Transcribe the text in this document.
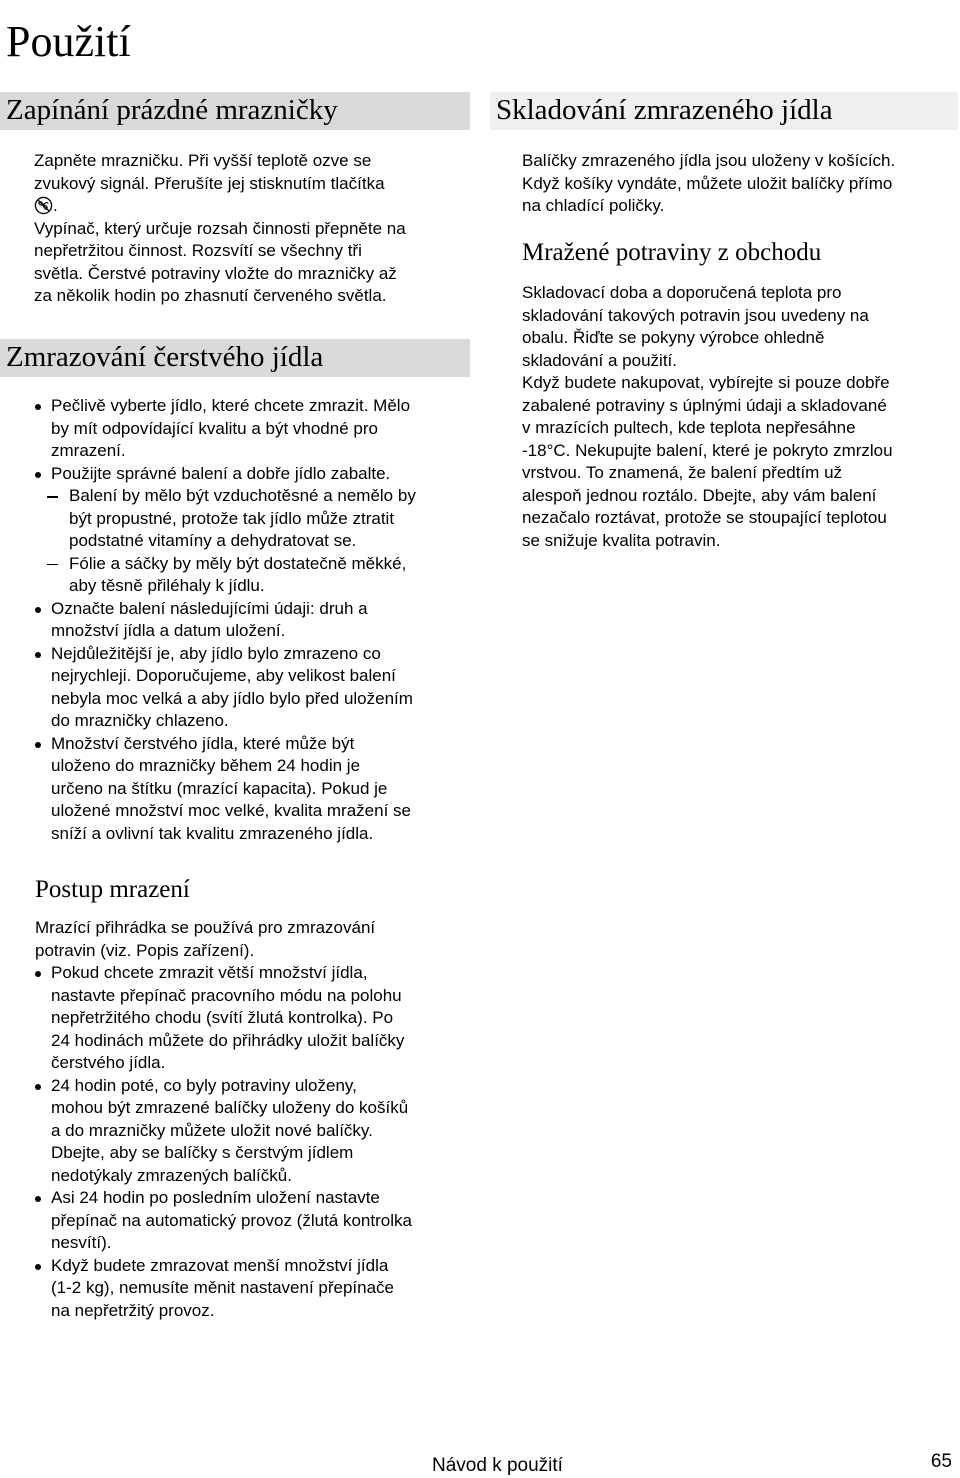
Použití
Zapínání prázdné mrazničky
Zapněte mrazničku. Při vyšší teplotě ozve se
zvukový signál. Přerušíte jej stisknutím tlačítka
.
Vypínač, který určuje rozsah činnosti přepněte na
nepřetržitou činnost. Rozsvítí se všechny tři
světla. Čerstvé potraviny vložte do mrazničky až
za několik hodin po zhasnutí červeného světla.
Zmrazování čerstvého jídla
Pečlivě vyberte jídlo, které chcete zmrazit. Mělo
by mít odpovídající kvalitu a být vhodné pro
zmrazení.
Použijte správné balení a dobře jídlo zabalte.
Balení by mělo být vzduchotěsné a nemělo by
být propustné, protože tak jídlo může ztratit
podstatné vitamíny a dehydratovat se.
Fólie a sáčky by měly být dostatečně měkké,
aby těsně přiléhaly k jídlu.
Označte balení následujícími údaji: druh a
množství jídla a datum uložení.
Nejdůležitější je, aby jídlo bylo zmrazeno co
nejrychleji. Doporučujeme, aby velikost balení
nebyla moc velká a aby jídlo bylo před uložením
do mrazničky chlazeno.
Množství čerstvého jídla, které může být
uloženo do mrazničky během 24 hodin je
určeno na štítku (mrazící kapacita). Pokud je
uložené množství moc velké, kvalita mražení se
sníží a ovlivní tak kvalitu zmrazeného jídla.
Postup mrazení
Mrazící přihrádka se používá pro zmrazování
potravin (viz. Popis zařízení).
Pokud chcete zmrazit větší množství jídla,
nastavte přepínač pracovního módu na polohu
nepřetržitého chodu (svítí žlutá kontrolka). Po
24 hodinách můžete do přihrádky uložit balíčky
čerstvého jídla.
24 hodin poté, co byly potraviny uloženy,
mohou být zmrazené balíčky uloženy do košíků
a do mrazničky můžete uložit nové balíčky.
Dbejte, aby se balíčky s čerstvým jídlem
nedotýkaly zmrazených balíčků.
Asi 24 hodin po posledním uložení nastavte
přepínač na automatický provoz (žlutá kontrolka
nesvítí).
Když budete zmrazovat menší množství jídla
(1-2 kg), nemusíte měnit nastavení přepínače
na nepřetržitý provoz.
Skladování zmrazeného jídla
Balíčky zmrazeného jídla jsou uloženy v košících.
Když košíky vyndáte, můžete uložit balíčky přímo
na chladící poličky.
Mražené potraviny z obchodu
Skladovací doba a doporučená teplota pro
skladování takových potravin jsou uvedeny na
obalu. Řiďte se pokyny výrobce ohledně
skladování a použití.
Když budete nakupovat, vybírejte si pouze dobře
zabalené potraviny s úplnými údaji a skladované
v mrazících pultech, kde teplota nepřesáhne
-18°C. Nekupujte balení, které je pokryto zmrzlou
vrstvou. To znamená, že balení předtím už
alespoň jednou roztálo. Dbejte, aby vám balení
nezačalo roztávat, protože se stoupající teplotou
se snižuje kvalita potravin.
Návod k použití	65
